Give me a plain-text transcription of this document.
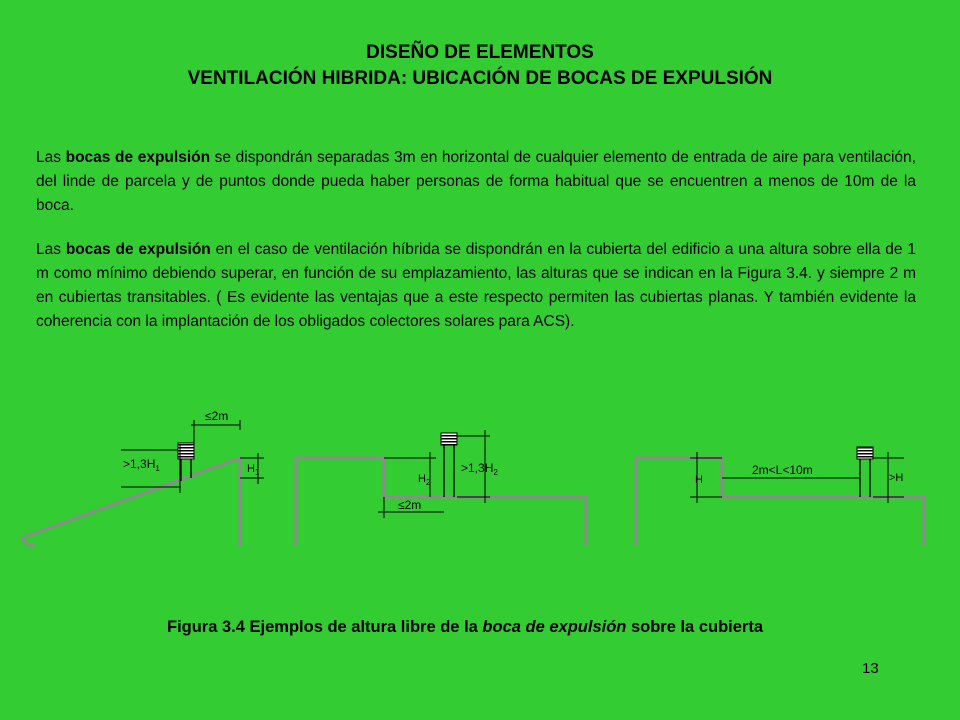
DISEÑO DE ELEMENTOS
VENTILACIÓN HIBRIDA: UBICACIÓN DE BOCAS DE EXPULSIÓN
Las bocas de expulsión se dispondrán separadas 3m en horizontal de cualquier elemento de entrada de aire para ventilación, del linde de parcela y de puntos donde pueda haber personas de forma habitual que se encuentren a menos de 10m de la boca.
Las bocas de expulsión en el caso de ventilación híbrida se dispondrán en la cubierta del edificio a una altura sobre ella de 1 m como mínimo debiendo superar, en función de su emplazamiento, las alturas que se indican en la Figura 3.4. y siempre 2 m en cubiertas transitables. ( Es evidente las ventajas que a este respecto permiten las cubiertas planas. Y también evidente la coherencia con la implantación de los obligados colectores solares para ACS).
≤2m
$>1,3H_1$	$H_1$
$H_2$
$>1,3H_2$
≤2m
H
2m<L<10m
>H
Figura 3.4 Ejemplos de altura libre de la boca de expulsión sobre la cubierta
13
